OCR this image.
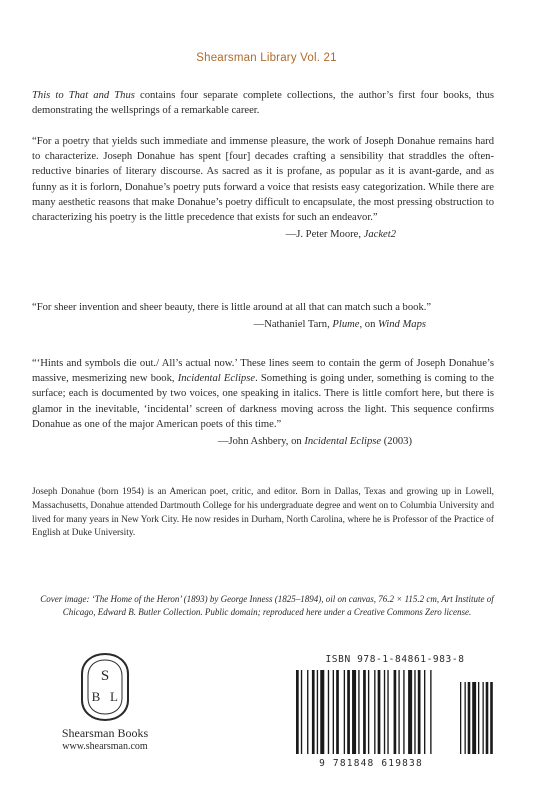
Shearsman Library Vol. 21
This to That and Thus contains four separate complete collections, the author’s first four books, thus demonstrating the wellsprings of a remarkable career.
“For a poetry that yields such immediate and immense pleasure, the work of Joseph Donahue remains hard to characterize. Joseph Donahue has spent [four] decades crafting a sensibility that straddles the often-reductive binaries of literary discourse. As sacred as it is profane, as popular as it is avant-garde, and as funny as it is forlorn, Donahue’s poetry puts forward a voice that resists easy categorization. While there are many aesthetic reasons that make Donahue’s poetry difficult to encapsulate, the most pressing obstruction to characterizing his poetry is the little precedence that exists for such an endeavor.”
—J. Peter Moore, Jacket2
“For sheer invention and sheer beauty, there is little around at all that can match such a book.”
—Nathaniel Tarn, Plume, on Wind Maps
“‘Hints and symbols die out./ All’s actual now.’ These lines seem to contain the germ of Joseph Donahue’s massive, mesmerizing new book, Incidental Eclipse. Something is going under, something is coming to the surface; each is documented by two voices, one speaking in italics. There is little comfort here, but there is glamor in the inevitable, ‘incidental’ screen of darkness moving across the light. This sequence confirms Donahue as one of the major American poets of this time.”
—John Ashbery, on Incidental Eclipse (2003)
Joseph Donahue (born 1954) is an American poet, critic, and editor. Born in Dallas, Texas and growing up in Lowell, Massachusetts, Donahue attended Dartmouth College for his undergraduate degree and went on to Columbia University and lived for many years in New York City. He now resides in Durham, North Carolina, where he is Professor of the Practice of English at Duke University.
Cover image: ‘The Home of the Heron’ (1893) by George Inness (1825–1894), oil on canvas, 76.2 × 115.2 cm, Art Institute of Chicago, Edward B. Butler Collection. Public domain; reproduced here under a Creative Commons Zero license.
S
B L
Shearsman Books
www.shearsman.com
ISBN 978-1-84861-983-8
90000
9 781848 619838
